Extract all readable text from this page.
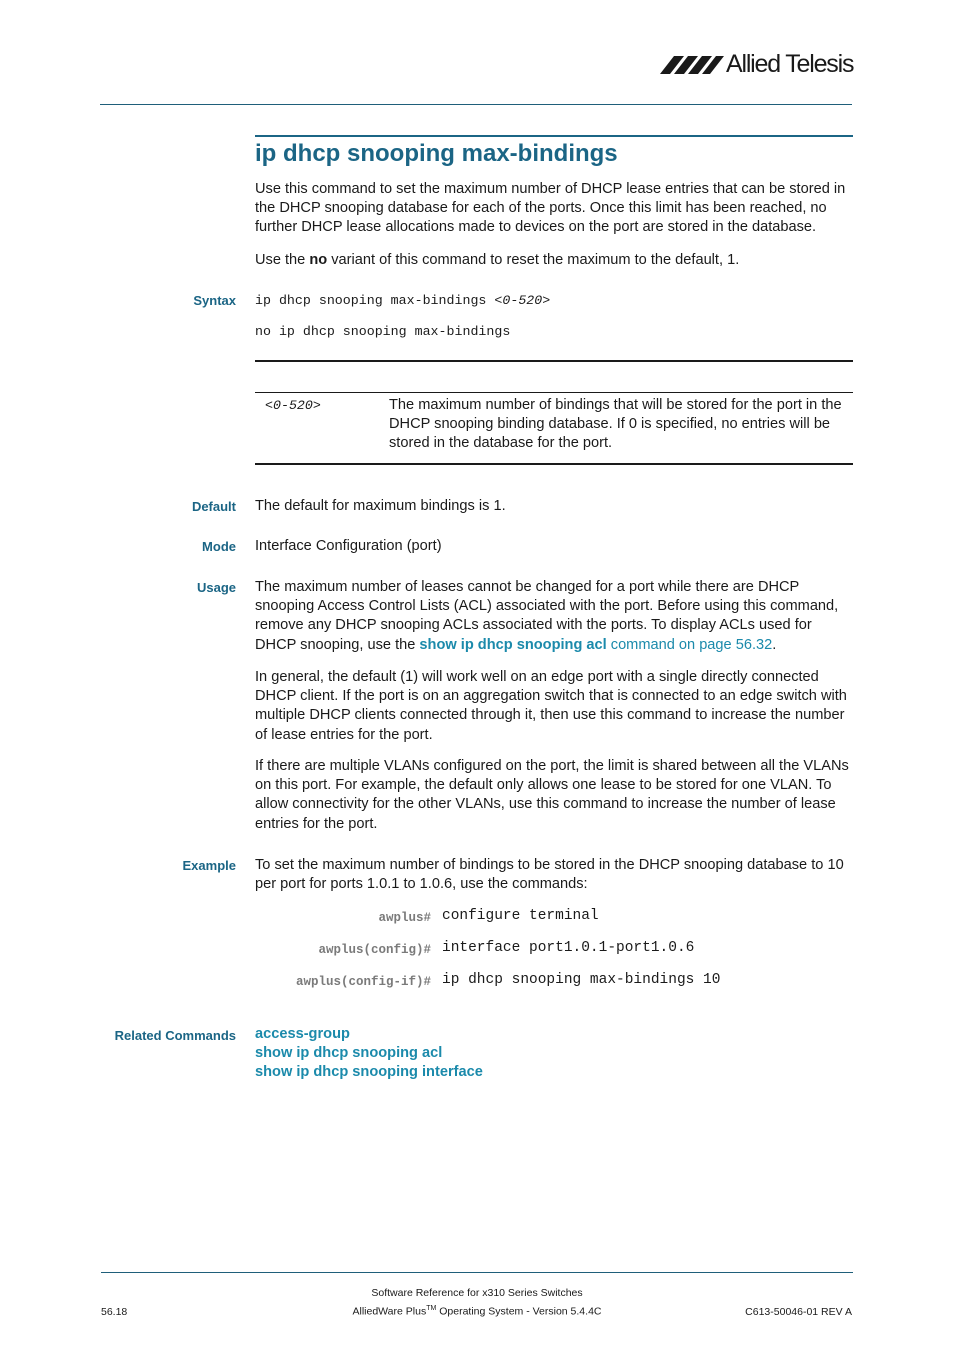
Allied Telesis
ip dhcp snooping max-bindings
Use this command to set the maximum number of DHCP lease entries that can be stored in the DHCP snooping database for each of the ports. Once this limit has been reached, no further DHCP lease allocations made to devices on the port are stored in the database.
Use the no variant of this command to reset the maximum to the default, 1.
Syntax ip dhcp snooping max-bindings <0-520>
no ip dhcp snooping max-bindings
<0-520>	The maximum number of bindings that will be stored for the port in the DHCP snooping binding database. If 0 is specified, no entries will be stored in the database for the port.
Default The default for maximum bindings is 1.
Mode Interface Configuration (port)
Usage The maximum number of leases cannot be changed for a port while there are DHCP snooping Access Control Lists (ACL) associated with the port. Before using this command, remove any DHCP snooping ACLs associated with the ports. To display ACLs used for DHCP snooping, use the show ip dhcp snooping acl command on page 56.32.
In general, the default (1) will work well on an edge port with a single directly connected DHCP client. If the port is on an aggregation switch that is connected to an edge switch with multiple DHCP clients connected through it, then use this command to increase the number of lease entries for the port.
If there are multiple VLANs configured on the port, the limit is shared between all the VLANs on this port. For example, the default only allows one lease to be stored for one VLAN. To allow connectivity for the other VLANs, use this command to increase the number of lease entries for the port.
Example To set the maximum number of bindings to be stored in the DHCP snooping database to 10 per port for ports 1.0.1 to 1.0.6, use the commands:
awplus# configure terminal
awplus(config)# interface port1.0.1-port1.0.6
awplus(config-if)# ip dhcp snooping max-bindings 10
Related Commands access-group
show ip dhcp snooping acl
show ip dhcp snooping interface
Software Reference for x310 Series Switches
AlliedWare Plus™ Operating System - Version 5.4.4C
56.18	C613-50046-01 REV A
